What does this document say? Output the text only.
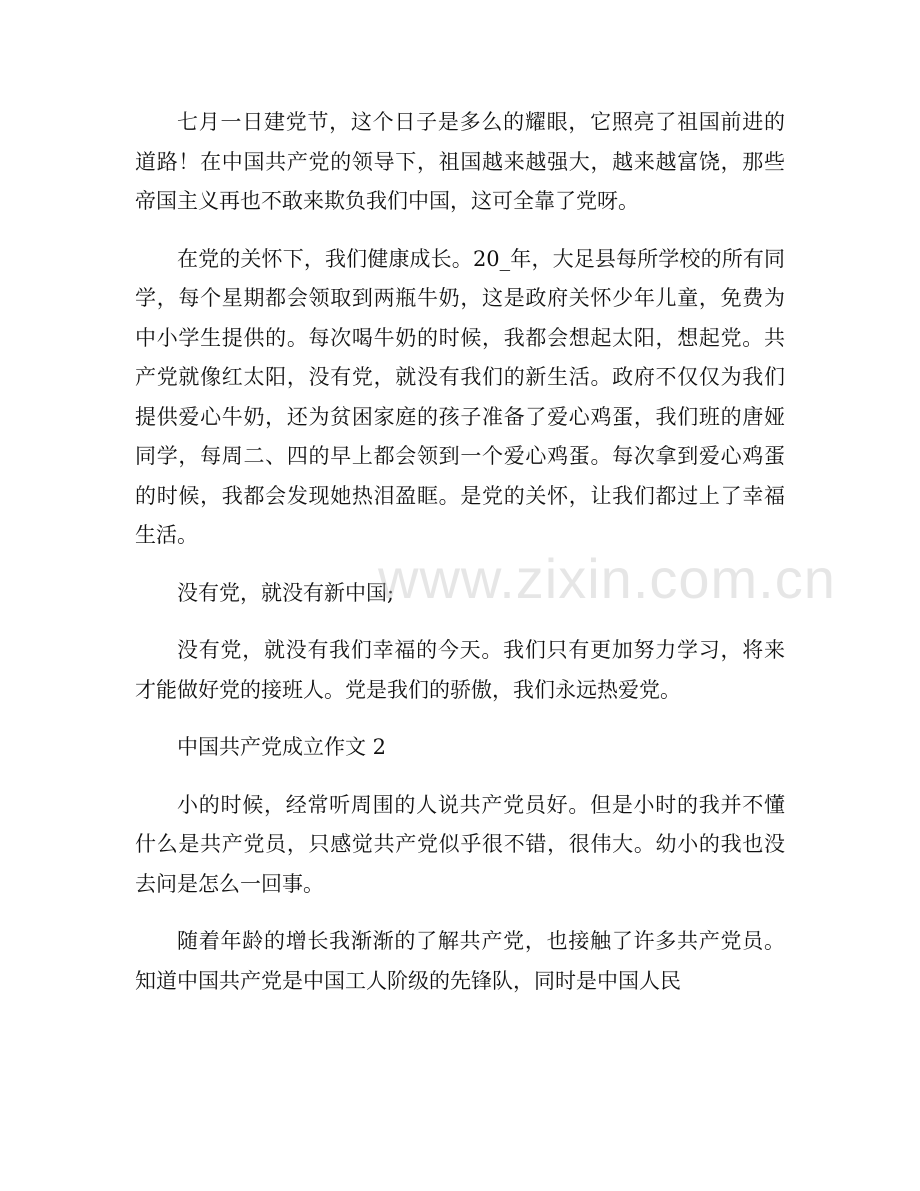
七月一日建党节，这个日子是多么的耀眼，它照亮了祖国前进的道路！在中国共产党的领导下，祖国越来越强大，越来越富饶，那些帝国主义再也不敢来欺负我们中国，这可全靠了党呀。

在党的关怀下，我们健康成长。20_年，大足县每所学校的所有同学，每个星期都会领取到两瓶牛奶，这是政府关怀少年儿童，免费为中小学生提供的。每次喝牛奶的时候，我都会想起太阳，想起党。共产党就像红太阳，没有党，就没有我们的新生活。政府不仅仅为我们提供爱心牛奶，还为贫困家庭的孩子准备了爱心鸡蛋，我们班的唐娅同学，每周二、四的早上都会领到一个爱心鸡蛋。每次拿到爱心鸡蛋的时候，我都会发现她热泪盈眶。是党的关怀，让我们都过上了幸福生活。

没有党，就没有新中国;

没有党，就没有我们幸福的今天。我们只有更加努力学习，将来才能做好党的接班人。党是我们的骄傲，我们永远热爱党。

中国共产党成立作文 2

小的时候，经常听周围的人说共产党员好。但是小时的我并不懂什么是共产党员，只感觉共产党似乎很不错，很伟大。幼小的我也没去问是怎么一回事。

随着年龄的增长我渐渐的了解共产党，也接触了许多共产党员。知道中国共产党是中国工人阶级的先锋队，同时是中国人民

www.zixin.com.cn
